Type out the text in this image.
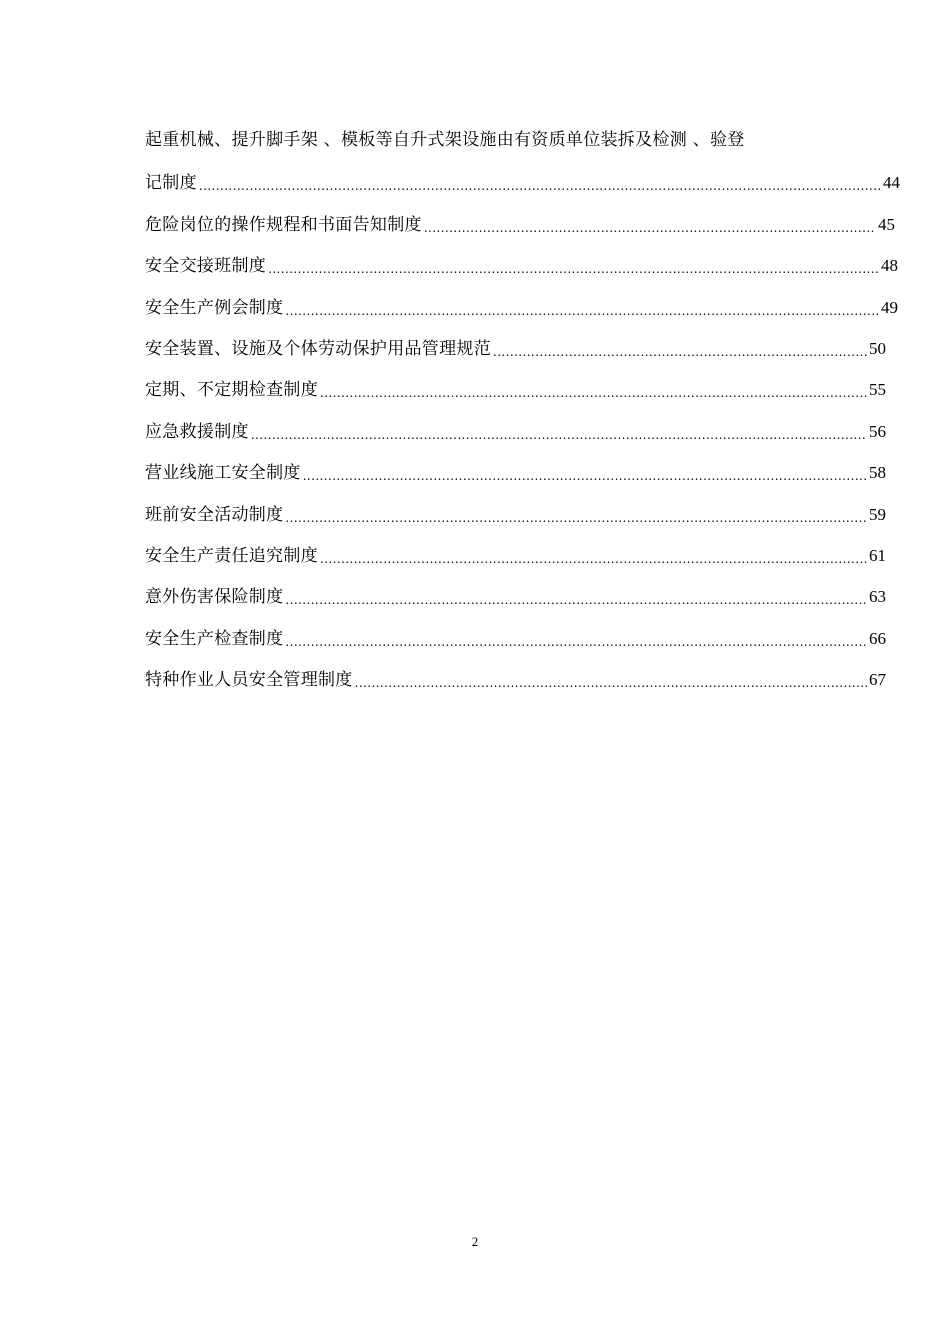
起重机械、提升脚手架 、模板等自升式架设施由有资质单位装拆及检测 、验登
记制度 .....	44
危险岗位的操作规程和书面告知制度 .....	45
安全交接班制度 .....	48
安全生产例会制度 .....	49
安全装置、设施及个体劳动保护用品管理规范 .....	50
定期、不定期检查制度 .....	55
应急救援制度 .....	56
营业线施工安全制度 .....	58
班前安全活动制度 .....	59
安全生产责任追究制度 .....	61
意外伤害保险制度 .....	63
安全生产检查制度 .....	66
特种作业人员安全管理制度 .....	67
2
